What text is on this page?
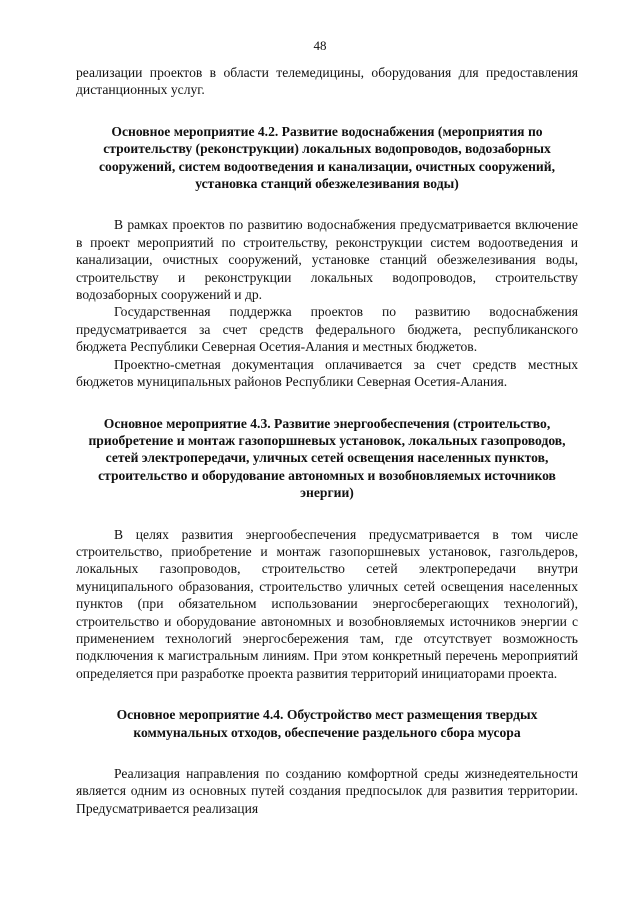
48

реализации проектов в области телемедицины, оборудования для предоставления дистанционных услуг.

Основное мероприятие 4.2. Развитие водоснабжения (мероприятия по строительству (реконструкции) локальных водопроводов, водозаборных сооружений, систем водоотведения и канализации, очистных сооружений, установка станций обезжелезивания воды)

В рамках проектов по развитию водоснабжения предусматривается включение в проект мероприятий по строительству, реконструкции систем водоотведения и канализации, очистных сооружений, установке станций обезжелезивания воды, строительству и реконструкции локальных водопроводов, строительству водозаборных сооружений и др.

Государственная поддержка проектов по развитию водоснабжения предусматривается за счет средств федерального бюджета, республиканского бюджета Республики Северная Осетия-Алания и местных бюджетов.

Проектно-сметная документация оплачивается за счет средств местных бюджетов муниципальных районов Республики Северная Осетия-Алания.

Основное мероприятие 4.3. Развитие энергообеспечения (строительство, приобретение и монтаж газопоршневых установок, локальных газопроводов, сетей электропередачи, уличных сетей освещения населенных пунктов, строительство и оборудование автономных и возобновляемых источников энергии)

В целях развития энергообеспечения предусматривается в том числе строительство, приобретение и монтаж газопоршневых установок, газгольдеров, локальных газопроводов, строительство сетей электропередачи внутри муниципального образования, строительство уличных сетей освещения населенных пунктов (при обязательном использовании энергосберегающих технологий), строительство и оборудование автономных и возобновляемых источников энергии с применением технологий энергосбережения там, где отсутствует возможность подключения к магистральным линиям. При этом конкретный перечень мероприятий определяется при разработке проекта развития территорий инициаторами проекта.

Основное мероприятие 4.4. Обустройство мест размещения твердых коммунальных отходов, обеспечение раздельного сбора мусора

Реализация направления по созданию комфортной среды жизнедеятельности является одним из основных путей создания предпосылок для развития территории. Предусматривается реализация
